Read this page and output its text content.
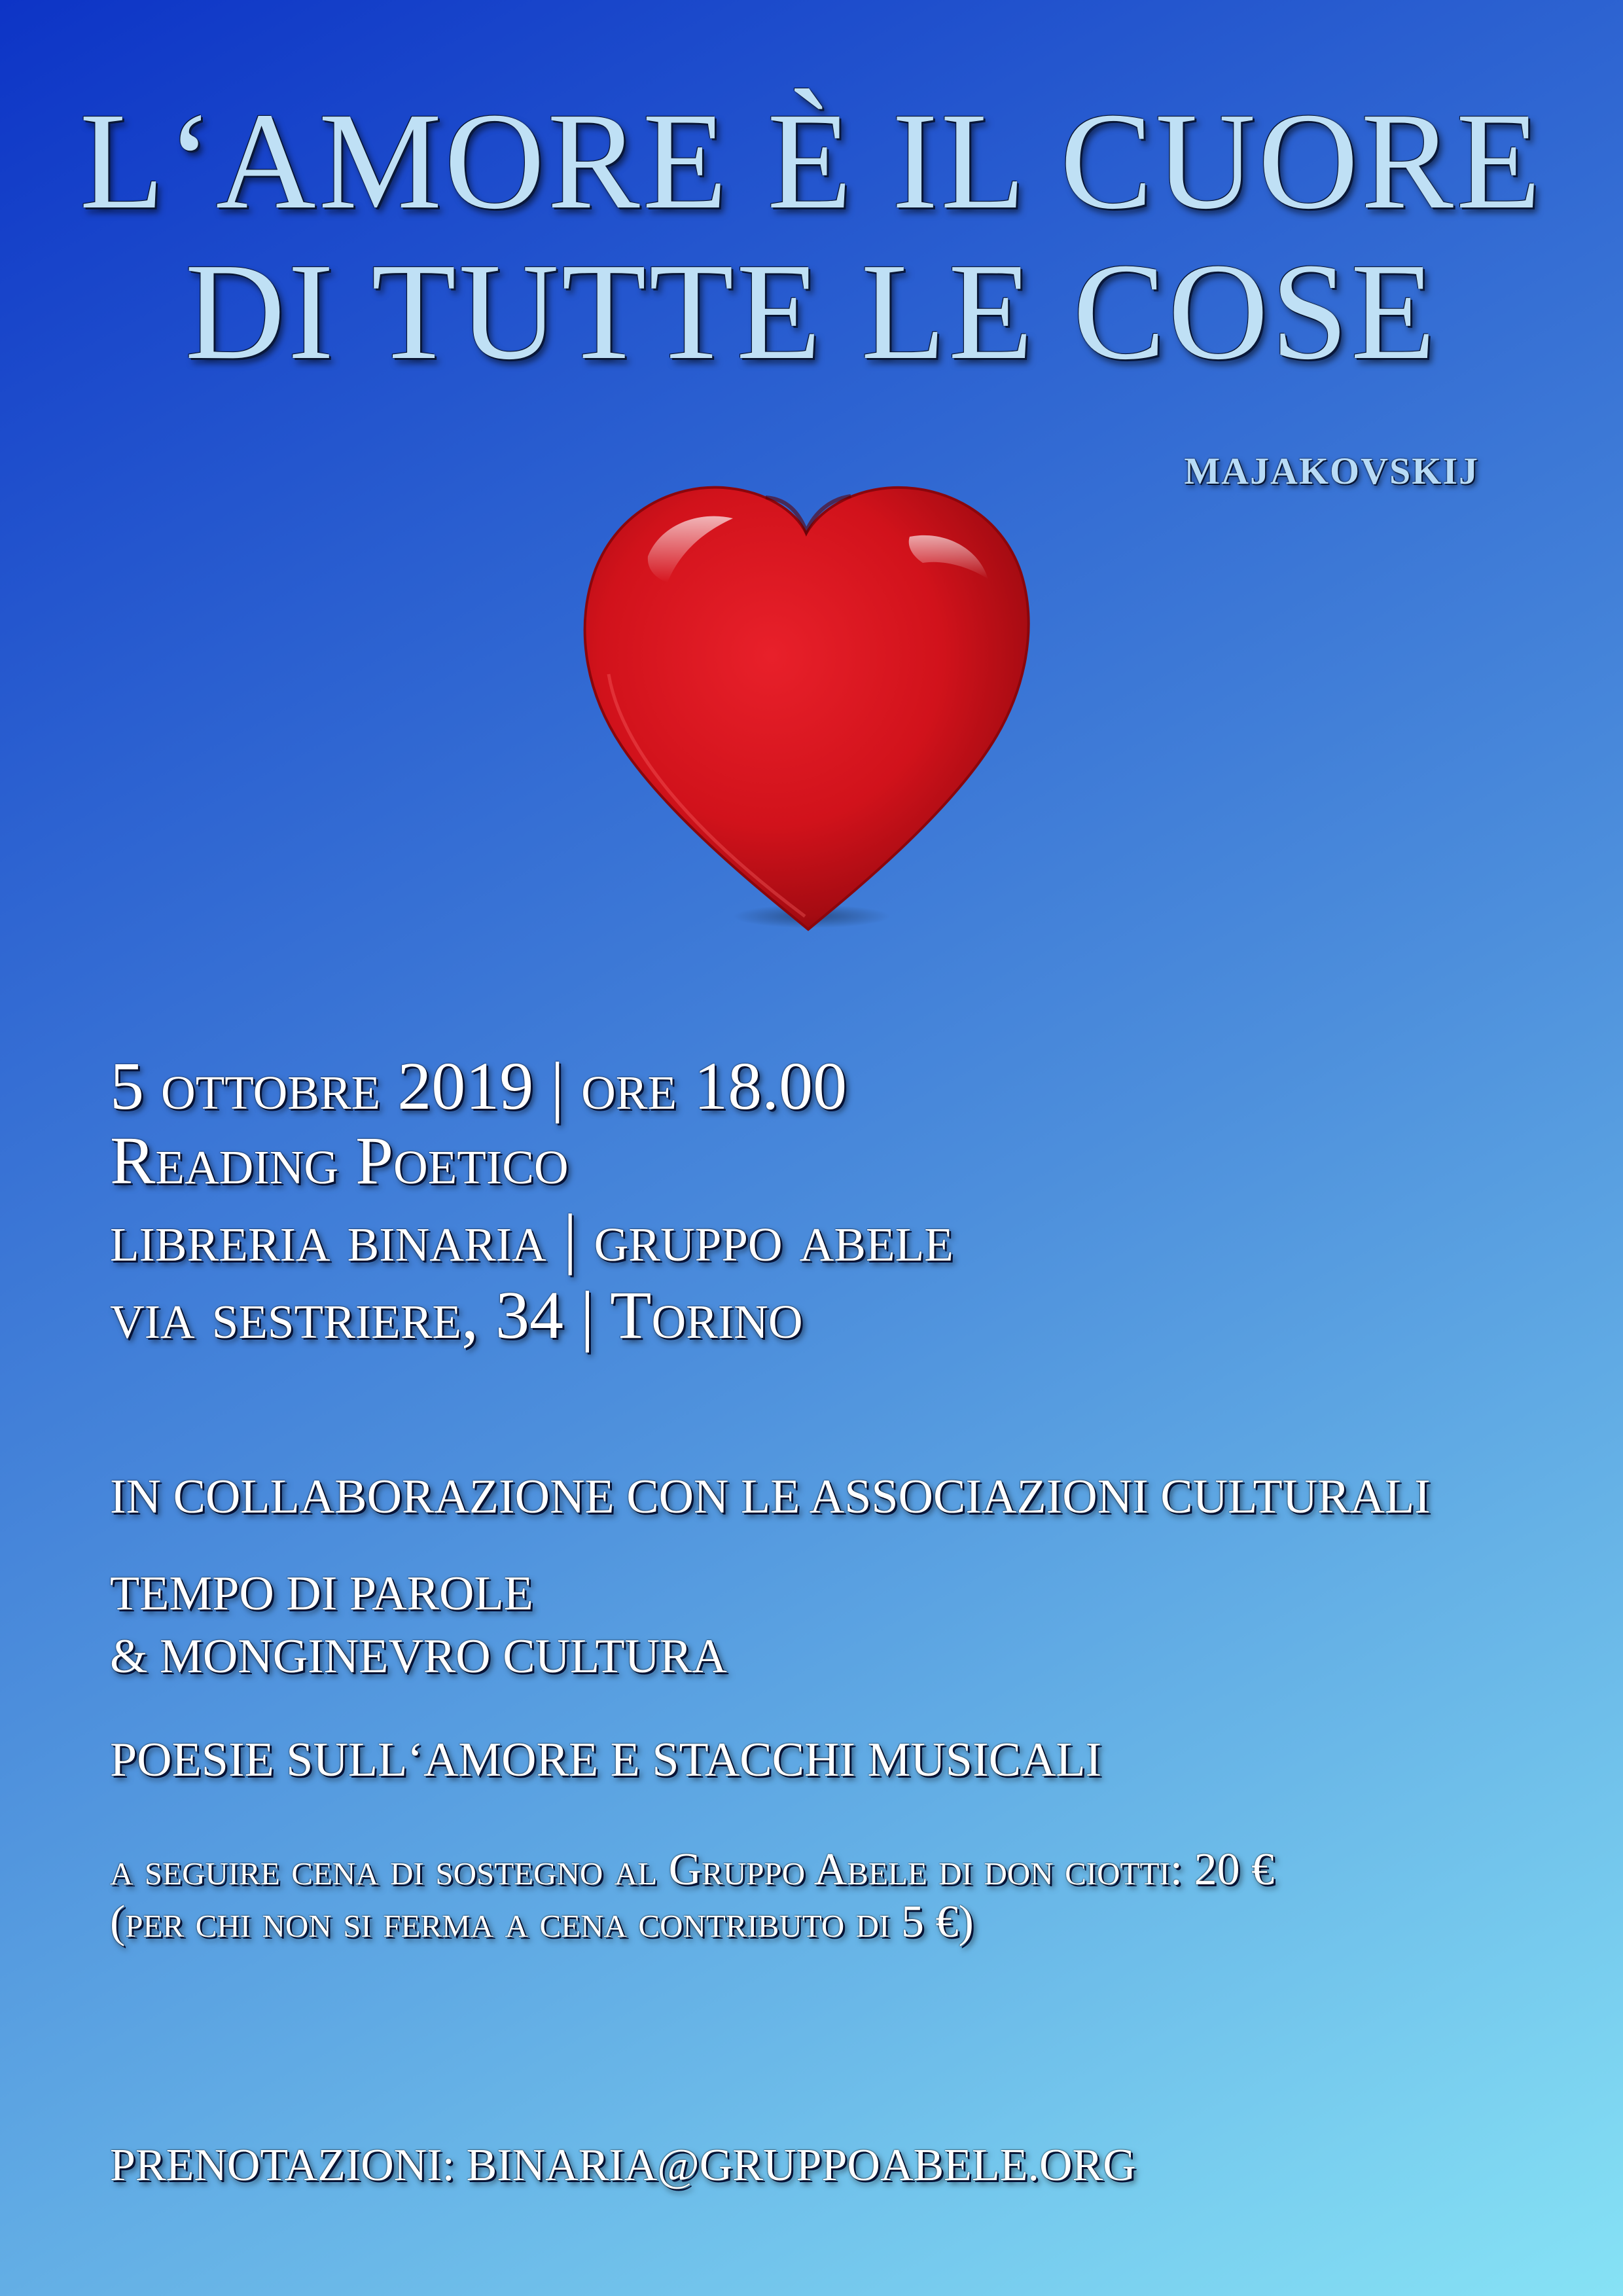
L‘AMORE È IL CUORE
DI TUTTE LE COSE
MAJAKOVSKIJ
5 ottobre 2019 | ore 18.00
Reading Poetico
libreria binaria | gruppo abele
via sestriere, 34 | Torino
IN COLLABORAZIONE CON LE ASSOCIAZIONI CULTURALI
TEMPO DI PAROLE
& MONGINEVRO CULTURA
POESIE SULL‘AMORE E STACCHI MUSICALI
a seguire cena di sostegno al Gruppo Abele di don ciotti: 20 €
(per chi non si ferma a cena contributo di 5 €)
PRENOTAZIONI: BINARIA@GRUPPOABELE.ORG
